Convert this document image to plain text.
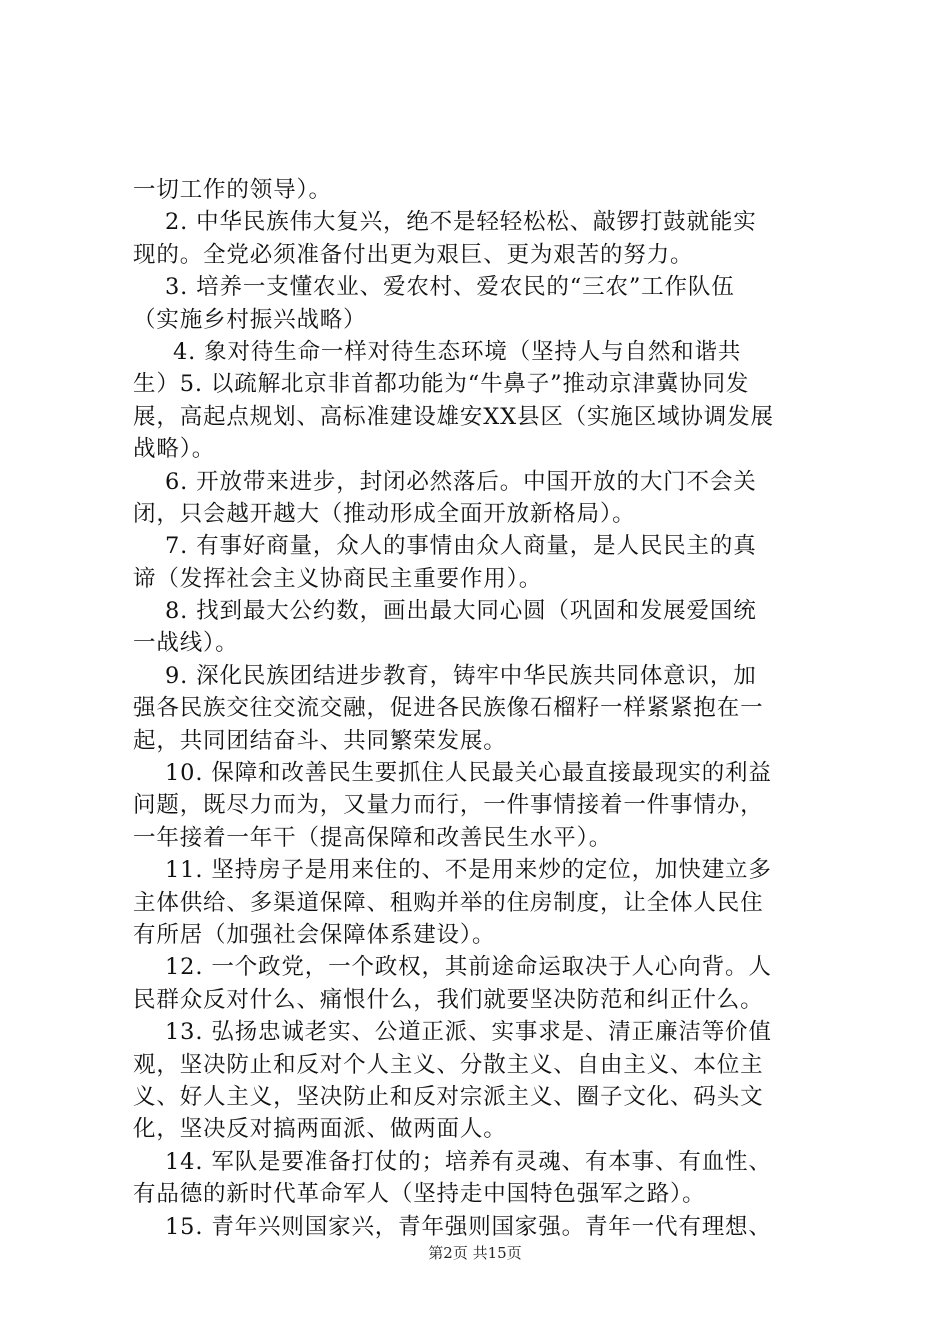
一切工作的领导）。
2. 中华民族伟大复兴，绝不是轻轻松松、敲锣打鼓就能实
现的。全党必须准备付出更为艰巨、更为艰苦的努力。
3. 培养一支懂农业、爱农村、爱农民的“三农”工作队伍
（实施乡村振兴战略）
4. 象对待生命一样对待生态环境（坚持人与自然和谐共
生）5. 以疏解北京非首都功能为“牛鼻子”推动京津冀协同发
展，高起点规划、高标准建设雄安XX县区（实施区域协调发展
战略）。
6. 开放带来进步，封闭必然落后。中国开放的大门不会关
闭，只会越开越大（推动形成全面开放新格局）。
7. 有事好商量，众人的事情由众人商量，是人民民主的真
谛（发挥社会主义协商民主重要作用）。
8. 找到最大公约数，画出最大同心圆（巩固和发展爱国统
一战线）。
9. 深化民族团结进步教育，铸牢中华民族共同体意识，加
强各民族交往交流交融，促进各民族像石榴籽一样紧紧抱在一
起，共同团结奋斗、共同繁荣发展。
10. 保障和改善民生要抓住人民最关心最直接最现实的利益
问题，既尽力而为，又量力而行，一件事情接着一件事情办，
一年接着一年干（提高保障和改善民生水平）。
11. 坚持房子是用来住的、不是用来炒的定位，加快建立多
主体供给、多渠道保障、租购并举的住房制度，让全体人民住
有所居（加强社会保障体系建设）。
12. 一个政党，一个政权，其前途命运取决于人心向背。人
民群众反对什么、痛恨什么，我们就要坚决防范和纠正什么。
13. 弘扬忠诚老实、公道正派、实事求是、清正廉洁等价值
观，坚决防止和反对个人主义、分散主义、自由主义、本位主
义、好人主义，坚决防止和反对宗派主义、圈子文化、码头文
化，坚决反对搞两面派、做两面人。
14. 军队是要准备打仗的；培养有灵魂、有本事、有血性、
有品德的新时代革命军人（坚持走中国特色强军之路）。
15. 青年兴则国家兴，青年强则国家强。青年一代有理想、
第2页 共15页
